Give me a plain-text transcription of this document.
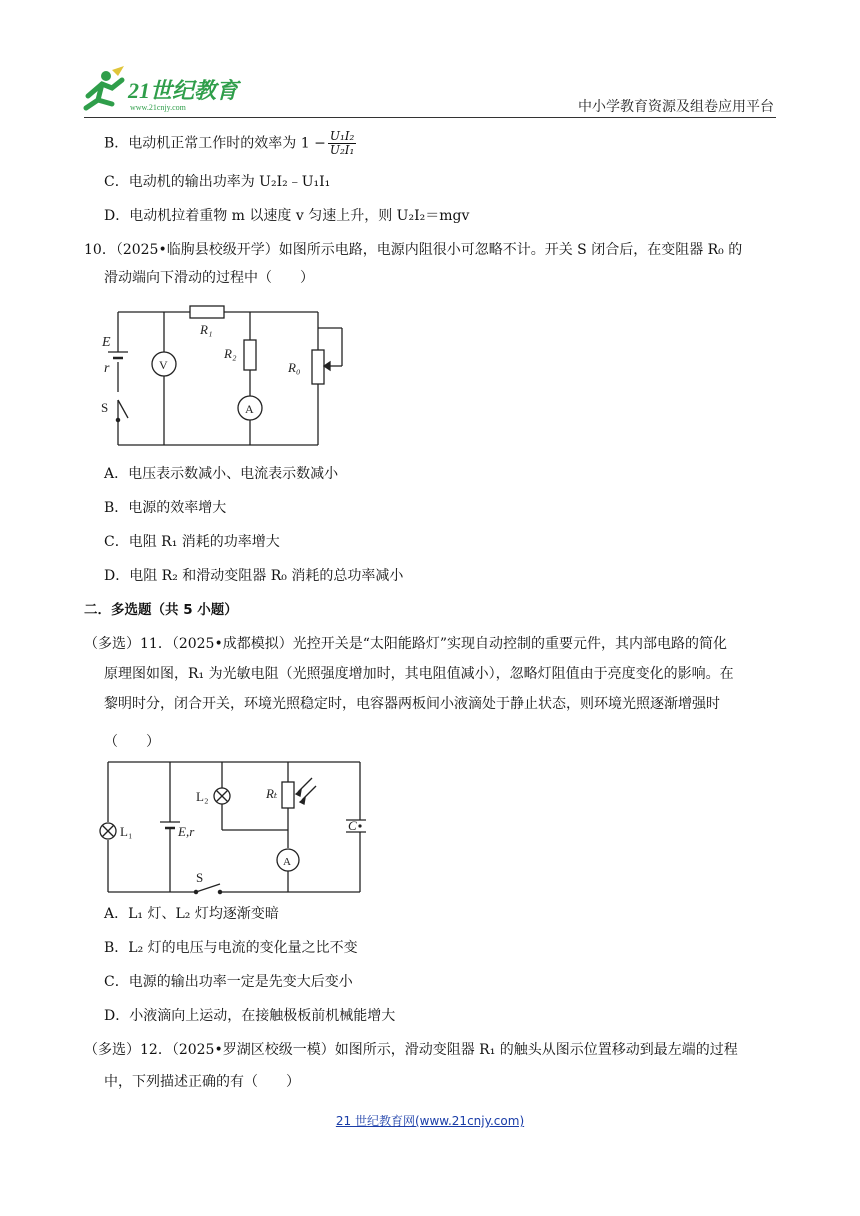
21世纪教育
www.21cnjy.com	中小学教育资源及组卷应用平台
B．电动机正常工作时的效率为 $1 - \frac{\text{U₁I₂}}{\text{U₂I₁}}$
C．电动机的输出功率为 U₂I₂﹣U₁I₁
D．电动机拉着重物 m 以速度 v 匀速上升，则 U₂I₂＝mgv
10．（2025•临朐县校级开学）如图所示电路，电源内阻很小可忽略不计。开关 S 闭合后，在变阻器 R₀ 的
滑动端向下滑动的过程中（　　）
E
r
S
V
A
R₁
R₂
R₀
A．电压表示数减小、电流表示数减小
B．电源的效率增大
C．电阻 R₁ 消耗的功率增大
D．电阻 R₂ 和滑动变阻器 R₀ 消耗的总功率减小
二．多选题（共 5 小题）
（多选）11．（2025•成都模拟）光控开关是“太阳能路灯”实现自动控制的重要元件，其内部电路的简化
原理图如图，R₁ 为光敏电阻（光照强度增加时，其电阻值减小），忽略灯阻值由于亮度变化的影响。在
黎明时分，闭合开关，环境光照稳定时，电容器两板间小液滴处于静止状态，则环境光照逐渐增强时
（　　）
L₁
L₂
E,r
S
A
Rₜ
C
A．L₁ 灯、L₂ 灯均逐渐变暗
B．L₂ 灯的电压与电流的变化量之比不变
C．电源的输出功率一定是先变大后变小
D．小液滴向上运动，在接触极板前机械能增大
（多选）12．（2025•罗湖区校级一模）如图所示，滑动变阻器 R₁ 的触头从图示位置移动到最左端的过程
中，下列描述正确的有（　　）
21 世纪教育网(www.21cnjy.com)
